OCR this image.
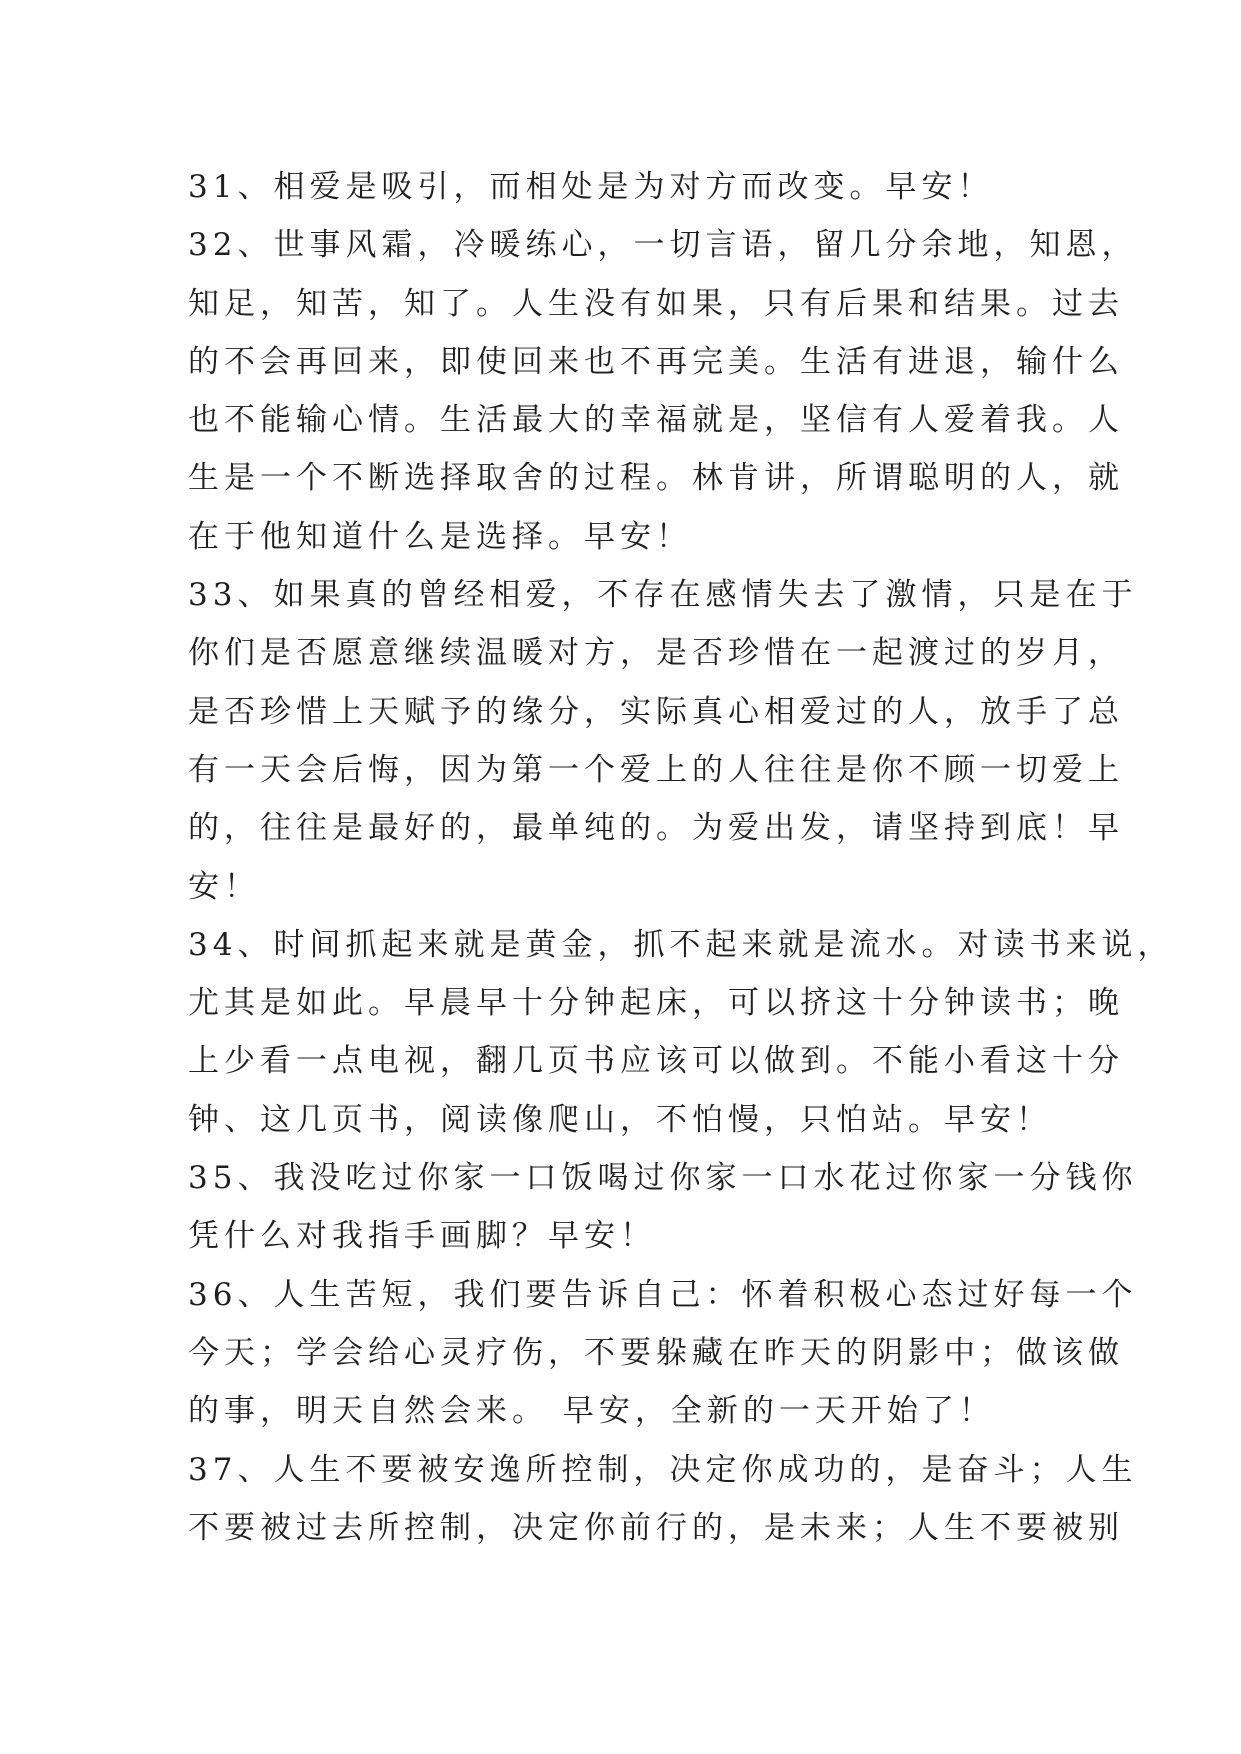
31、相爱是吸引，而相处是为对方而改变。早安！
32、世事风霜，冷暖练心，一切言语，留几分余地，知恩，
知足，知苦，知了。人生没有如果，只有后果和结果。过去
的不会再回来，即使回来也不再完美。生活有进退，输什么
也不能输心情。生活最大的幸福就是，坚信有人爱着我。人
生是一个不断选择取舍的过程。林肯讲，所谓聪明的人，就
在于他知道什么是选择。早安！
33、如果真的曾经相爱，不存在感情失去了激情，只是在于
你们是否愿意继续温暖对方，是否珍惜在一起渡过的岁月，
是否珍惜上天赋予的缘分，实际真心相爱过的人，放手了总
有一天会后悔，因为第一个爱上的人往往是你不顾一切爱上
的，往往是最好的，最单纯的。为爱出发，请坚持到底！早
安！
34、时间抓起来就是黄金，抓不起来就是流水。对读书来说，
尤其是如此。早晨早十分钟起床，可以挤这十分钟读书；晚
上少看一点电视，翻几页书应该可以做到。不能小看这十分
钟、这几页书，阅读像爬山，不怕慢，只怕站。早安！
35、我没吃过你家一口饭喝过你家一口水花过你家一分钱你
凭什么对我指手画脚？早安！
36、人生苦短，我们要告诉自己：怀着积极心态过好每一个
今天；学会给心灵疗伤，不要躲藏在昨天的阴影中；做该做
的事，明天自然会来。 早安，全新的一天开始了！
37、人生不要被安逸所控制，决定你成功的，是奋斗；人生
不要被过去所控制，决定你前行的，是未来；人生不要被别
